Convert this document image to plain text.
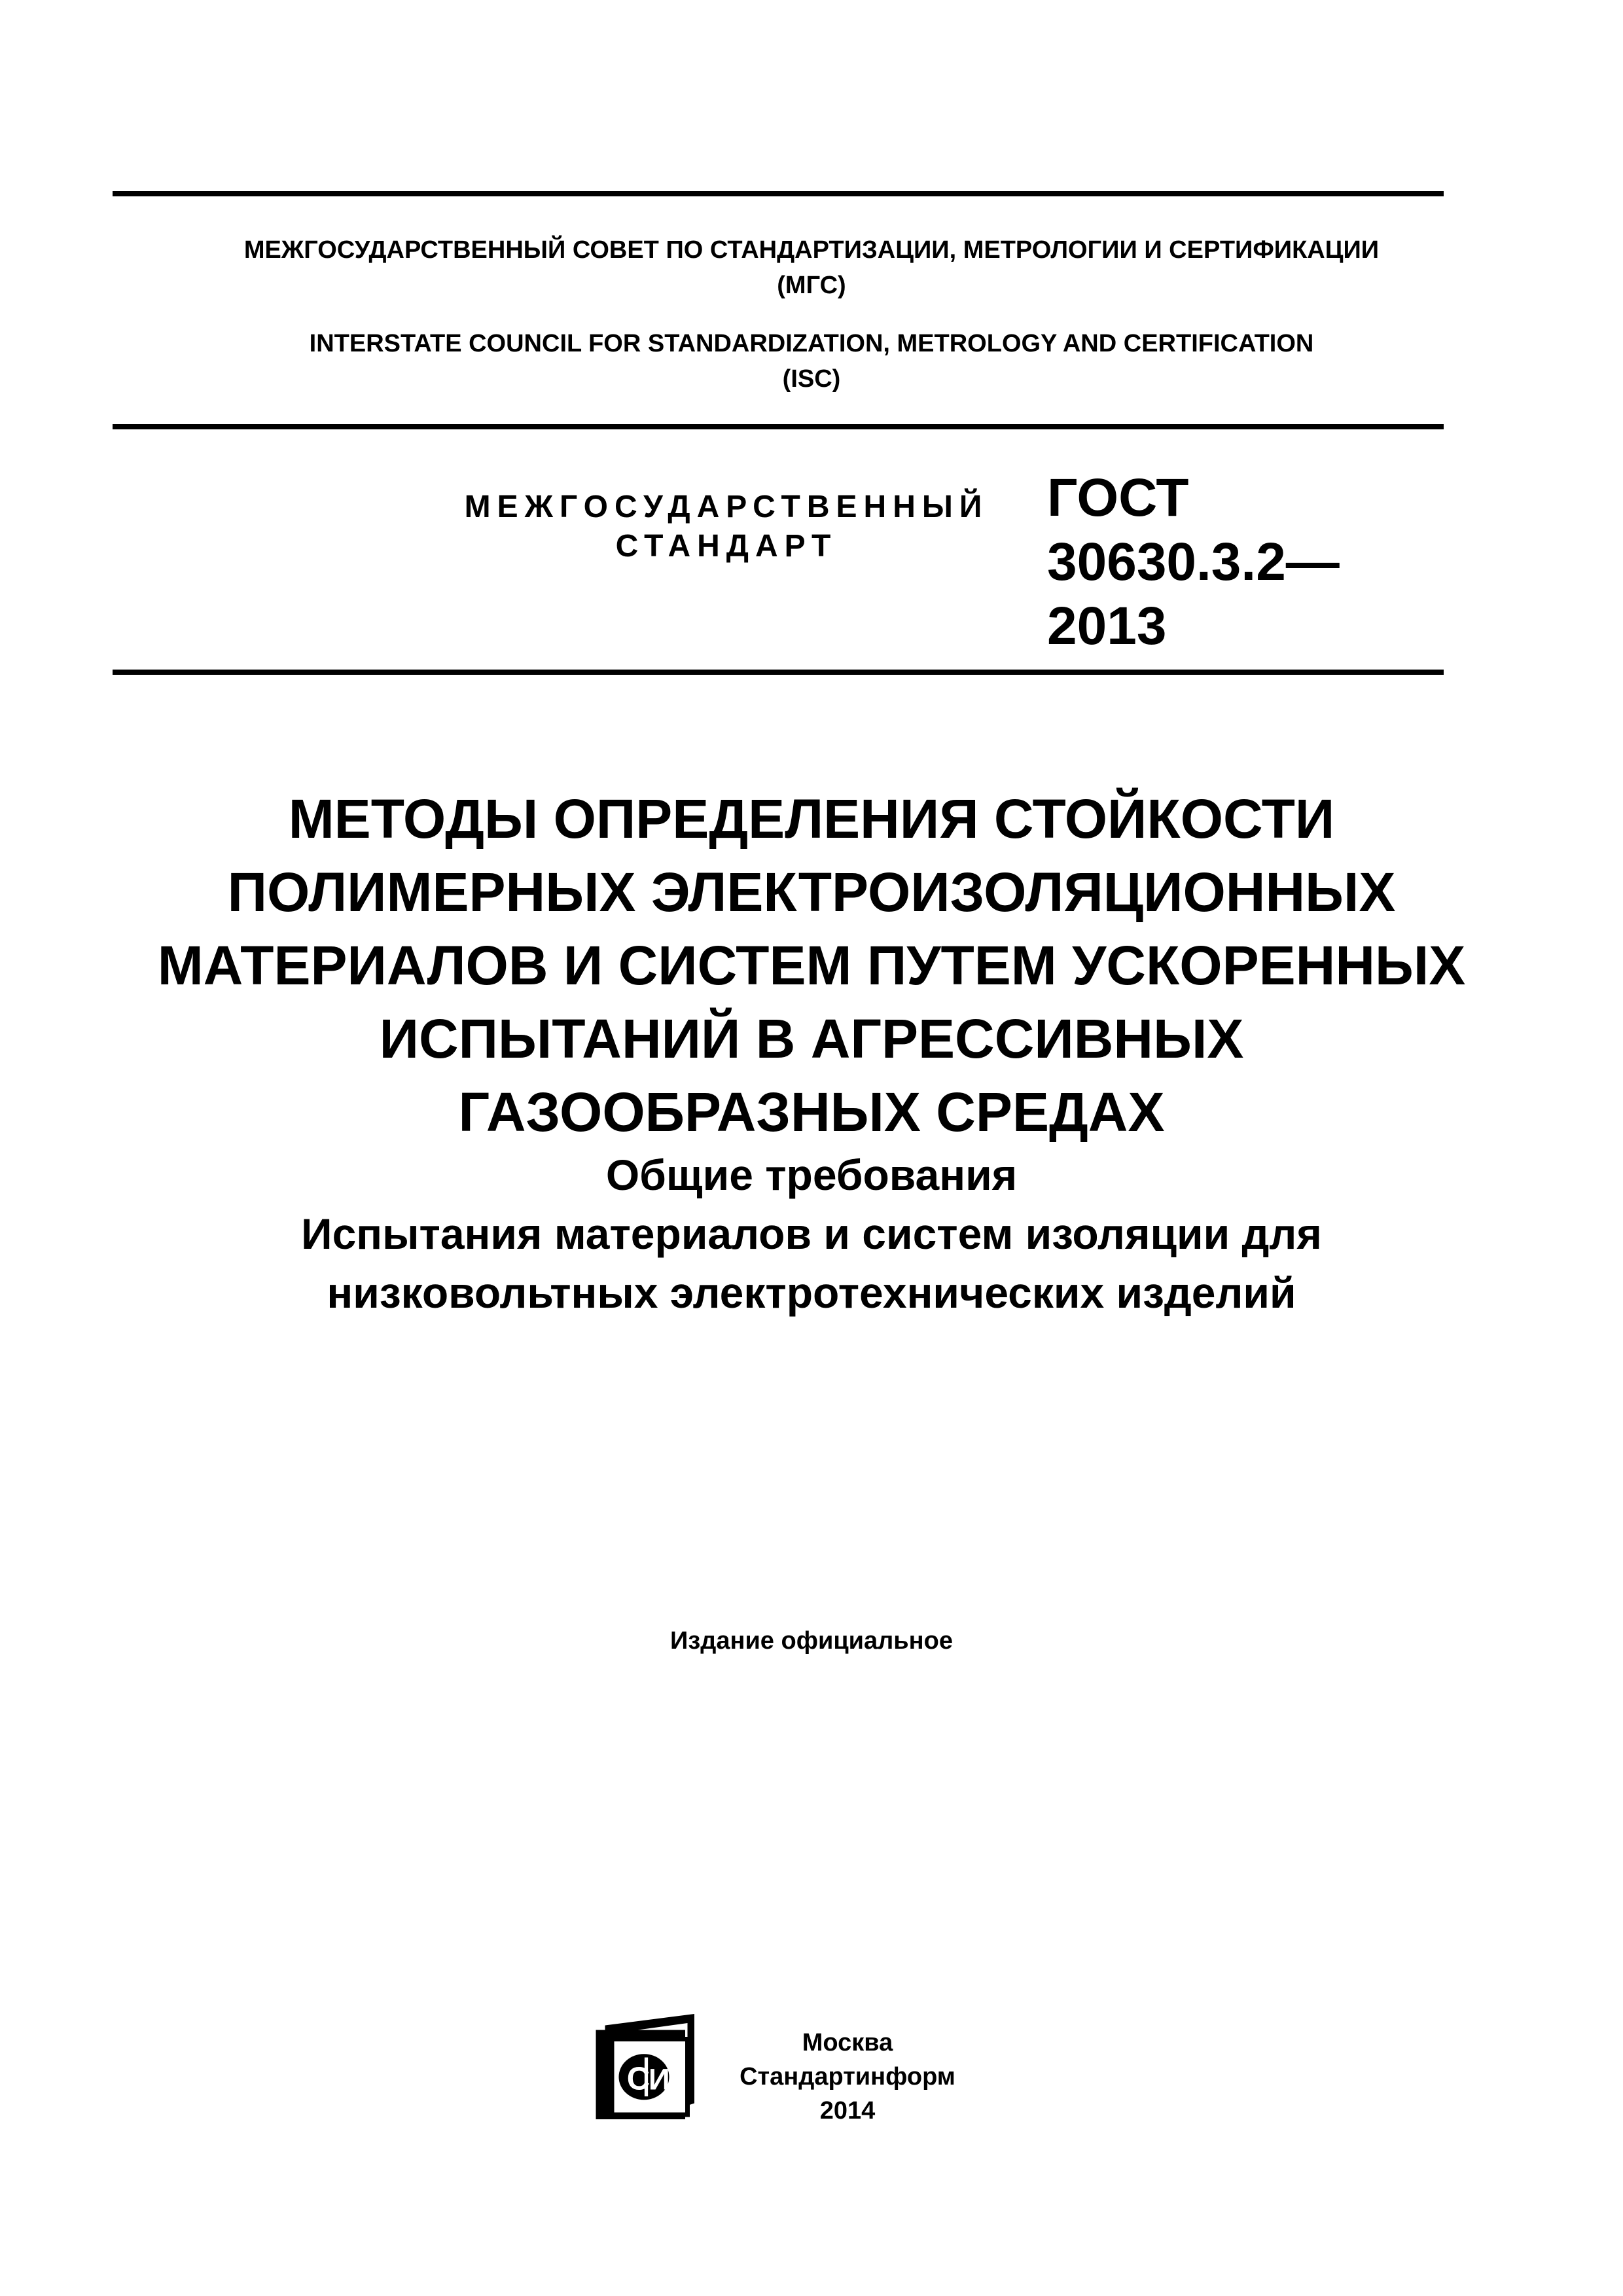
МЕЖГОСУДАРСТВЕННЫЙ СОВЕТ ПО СТАНДАРТИЗАЦИИ, МЕТРОЛОГИИ И СЕРТИФИКАЦИИ
(МГС)
INTERSTATE COUNCIL FOR STANDARDIZATION, METROLOGY AND CERTIFICATION
(ISC)
МЕЖГОСУДАРСТВЕННЫЙ
СТАНДАРТ
ГОСТ
30630.3.2—
2013
МЕТОДЫ ОПРЕДЕЛЕНИЯ СТОЙКОСТИ
ПОЛИМЕРНЫХ ЭЛЕКТРОИЗОЛЯЦИОННЫХ
МАТЕРИАЛОВ И СИСТЕМ ПУТЕМ УСКОРЕННЫХ
ИСПЫТАНИЙ В АГРЕССИВНЫХ
ГАЗООБРАЗНЫХ СРЕДАХ
Общие требования
Испытания материалов и систем изоляции для
низковольтных электротехнических изделий
Издание официальное
С
И
Москва
Стандартинформ
2014
